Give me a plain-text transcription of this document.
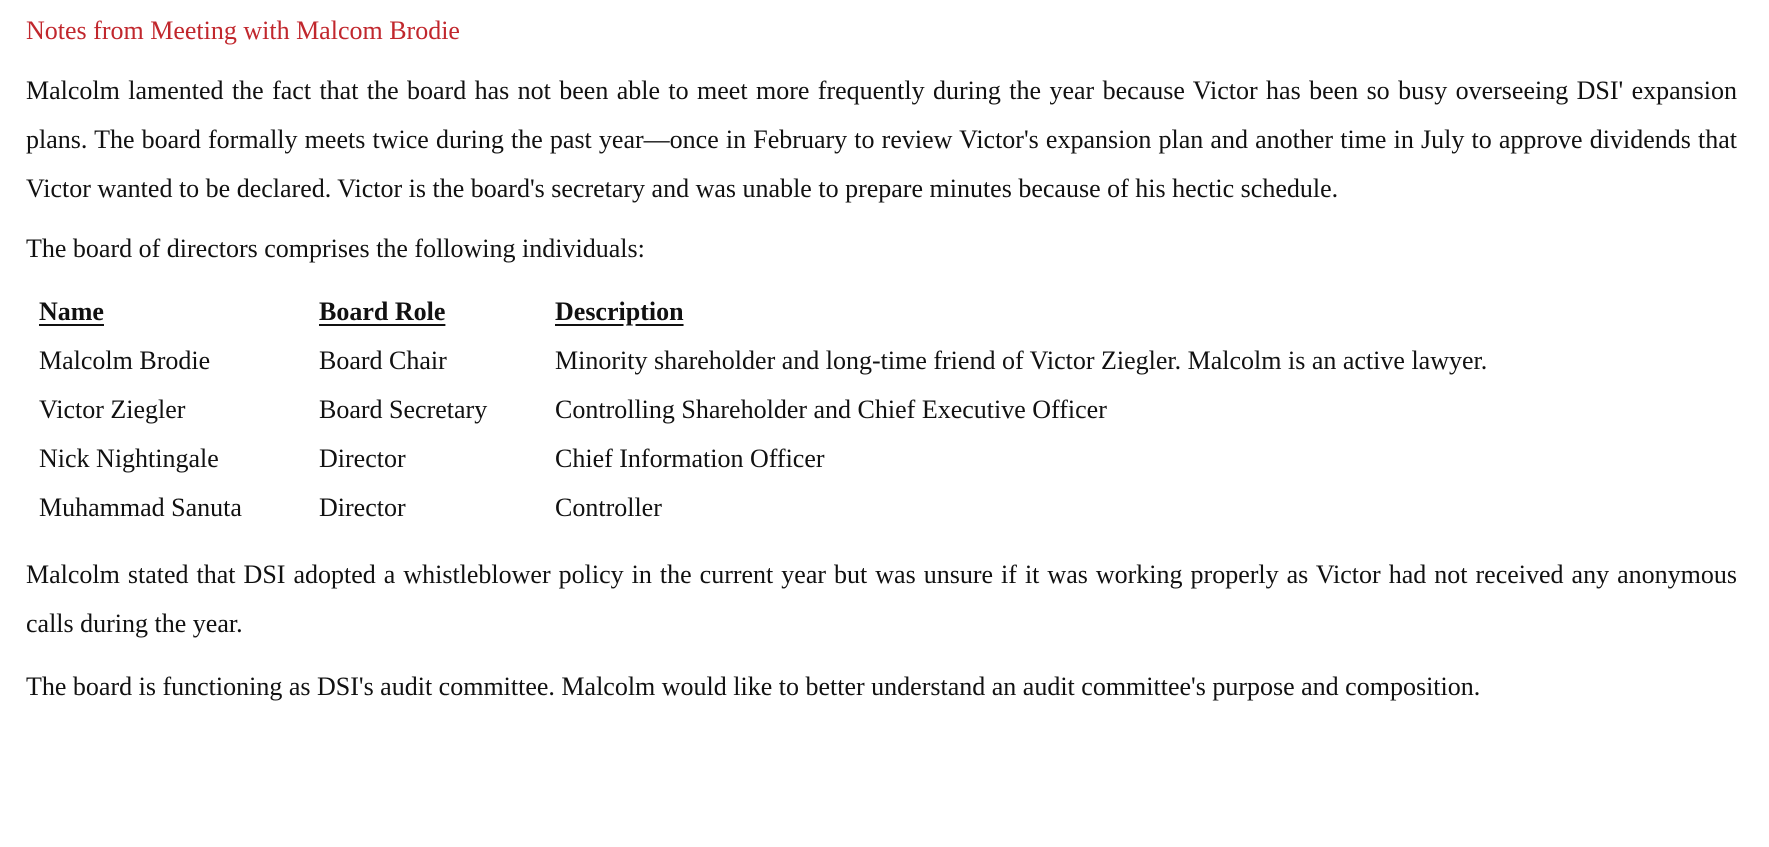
Notes from Meeting with Malcom Brodie

Malcolm lamented the fact that the board has not been able to meet more frequently during the year because Victor has been so busy overseeing DSI' expansion plans. The board formally meets twice during the past year—once in February to review Victor's expansion plan and another time in July to approve dividends that Victor wanted to be declared. Victor is the board's secretary and was unable to prepare minutes because of his hectic schedule.

The board of directors comprises the following individuals:

Name	Board Role	Description
Malcolm Brodie	Board Chair	Minority shareholder and long-time friend of Victor Ziegler. Malcolm is an active lawyer.
Victor Ziegler	Board Secretary	Controlling Shareholder and Chief Executive Officer
Nick Nightingale	Director	Chief Information Officer
Muhammad Sanuta	Director	Controller

Malcolm stated that DSI adopted a whistleblower policy in the current year but was unsure if it was working properly as Victor had not received any anonymous calls during the year.

The board is functioning as DSI's audit committee. Malcolm would like to better understand an audit committee's purpose and composition.
